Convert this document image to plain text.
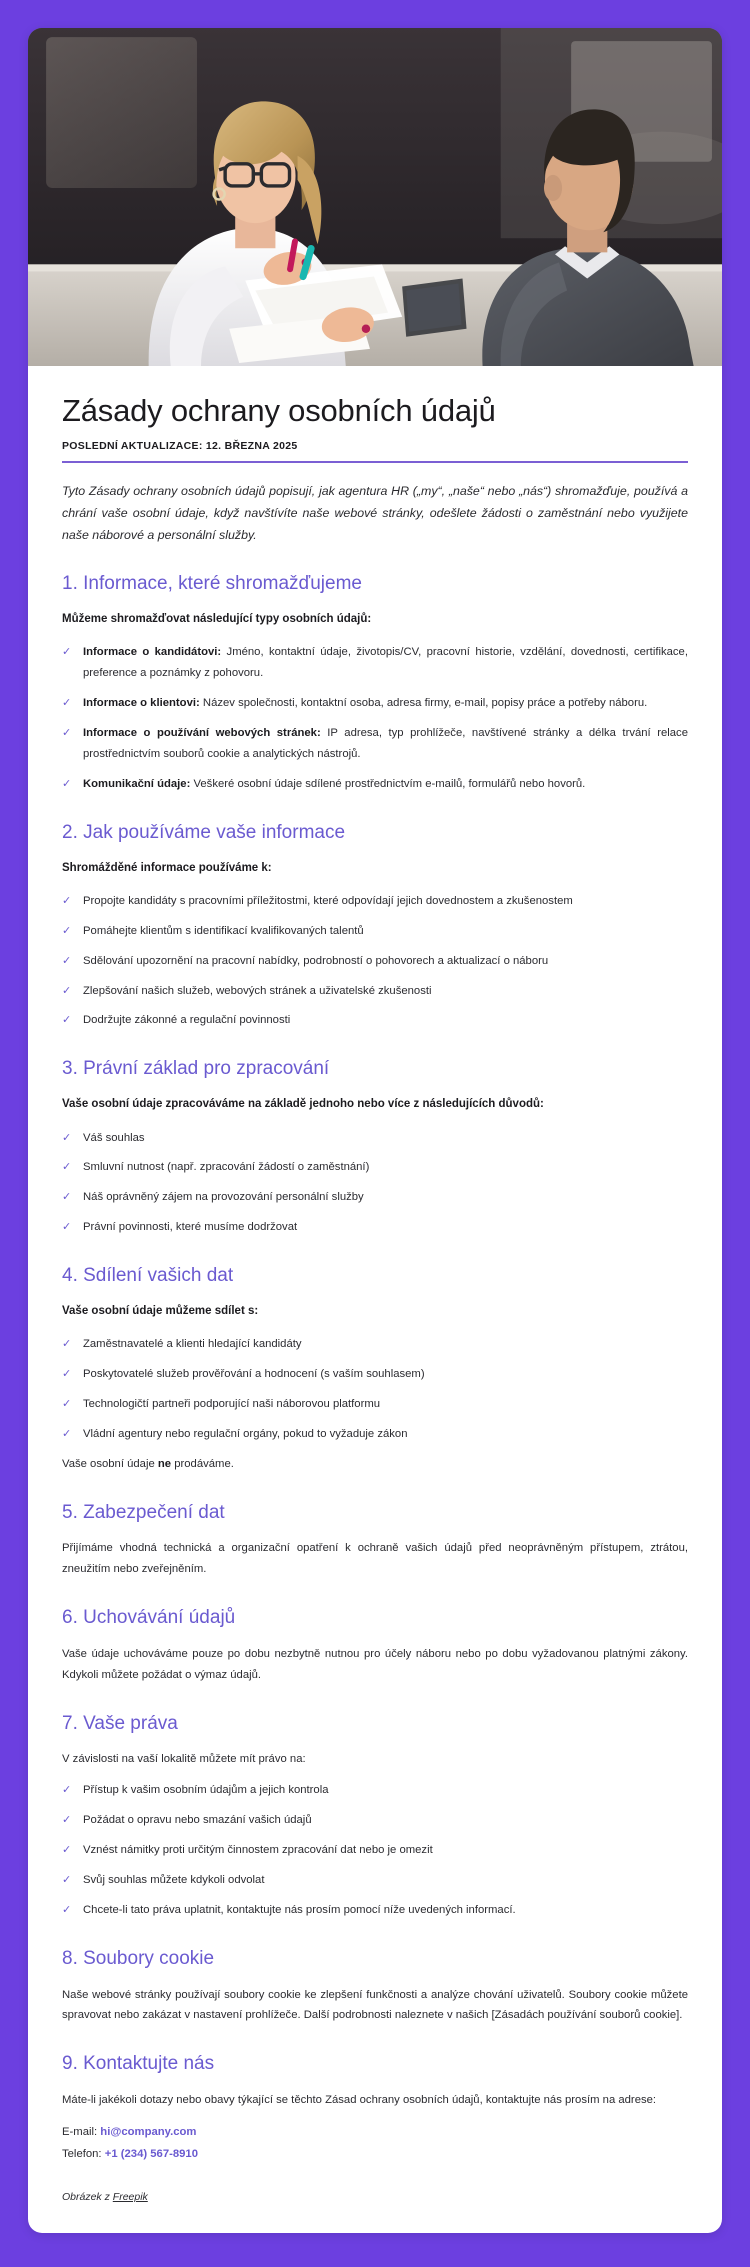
Zásady ochrany osobních údajů
POSLEDNÍ AKTUALIZACE: 12. BŘEZNA 2025

Tyto Zásady ochrany osobních údajů popisují, jak agentura HR („my“, „naše“ nebo „nás“) shromažďuje, používá a chrání vaše osobní údaje, když navštívíte naše webové stránky, odešlete žádosti o zaměstnání nebo využijete naše náborové a personální služby.

1. Informace, které shromažďujeme

Můžeme shromažďovat následující typy osobních údajů:

✓ Informace o kandidátovi: Jméno, kontaktní údaje, životopis/CV, pracovní historie, vzdělání, dovednosti, certifikace, preference a poznámky z pohovoru.
✓ Informace o klientovi: Název společnosti, kontaktní osoba, adresa firmy, e-mail, popisy práce a potřeby náboru.
✓ Informace o používání webových stránek: IP adresa, typ prohlížeče, navštívené stránky a délka trvání relace prostřednictvím souborů cookie a analytických nástrojů.
✓ Komunikační údaje: Veškeré osobní údaje sdílené prostřednictvím e-mailů, formulářů nebo hovorů.
2. Jak používáme vaše informace

Shromážděné informace používáme k:

✓ Propojte kandidáty s pracovními příležitostmi, které odpovídají jejich dovednostem a zkušenostem
✓ Pomáhejte klientům s identifikací kvalifikovaných talentů
✓ Sdělování upozornění na pracovní nabídky, podrobností o pohovorech a aktualizací o náboru
✓ Zlepšování našich služeb, webových stránek a uživatelské zkušenosti
✓ Dodržujte zákonné a regulační povinnosti
3. Právní základ pro zpracování

Vaše osobní údaje zpracováváme na základě jednoho nebo více z následujících důvodů:

✓ Váš souhlas
✓ Smluvní nutnost (např. zpracování žádostí o zaměstnání)
✓ Náš oprávněný zájem na provozování personální služby
✓ Právní povinnosti, které musíme dodržovat
4. Sdílení vašich dat

Vaše osobní údaje můžeme sdílet s:

✓ Zaměstnavatelé a klienti hledající kandidáty
✓ Poskytovatelé služeb prověřování a hodnocení (s vaším souhlasem)
✓ Technologičtí partneři podporující naši náborovou platformu
✓ Vládní agentury nebo regulační orgány, pokud to vyžaduje zákon

Vaše osobní údaje ne prodáváme.

5. Zabezpečení dat

Přijímáme vhodná technická a organizační opatření k ochraně vašich údajů před neoprávněným přístupem, ztrátou, zneužitím nebo zveřejněním.

6. Uchovávání údajů

Vaše údaje uchováváme pouze po dobu nezbytně nutnou pro účely náboru nebo po dobu vyžadovanou platnými zákony. Kdykoli můžete požádat o výmaz údajů.

7. Vaše práva

V závislosti na vaší lokalitě můžete mít právo na:

✓ Přístup k vašim osobním údajům a jejich kontrola
✓ Požádat o opravu nebo smazání vašich údajů
✓ Vznést námitky proti určitým činnostem zpracování dat nebo je omezit
✓ Svůj souhlas můžete kdykoli odvolat
✓ Chcete-li tato práva uplatnit, kontaktujte nás prosím pomocí níže uvedených informací.
8. Soubory cookie

Naše webové stránky používají soubory cookie ke zlepšení funkčnosti a analýze chování uživatelů. Soubory cookie můžete spravovat nebo zakázat v nastavení prohlížeče. Další podrobnosti naleznete v našich [Zásadách používání souborů cookie].

9. Kontaktujte nás

Máte-li jakékoli dotazy nebo obavy týkající se těchto Zásad ochrany osobních údajů, kontaktujte nás prosím na adrese:

E-mail: hi@company.com
Telefon: +1 (234) 567-8910
Obrázek z Freepik
